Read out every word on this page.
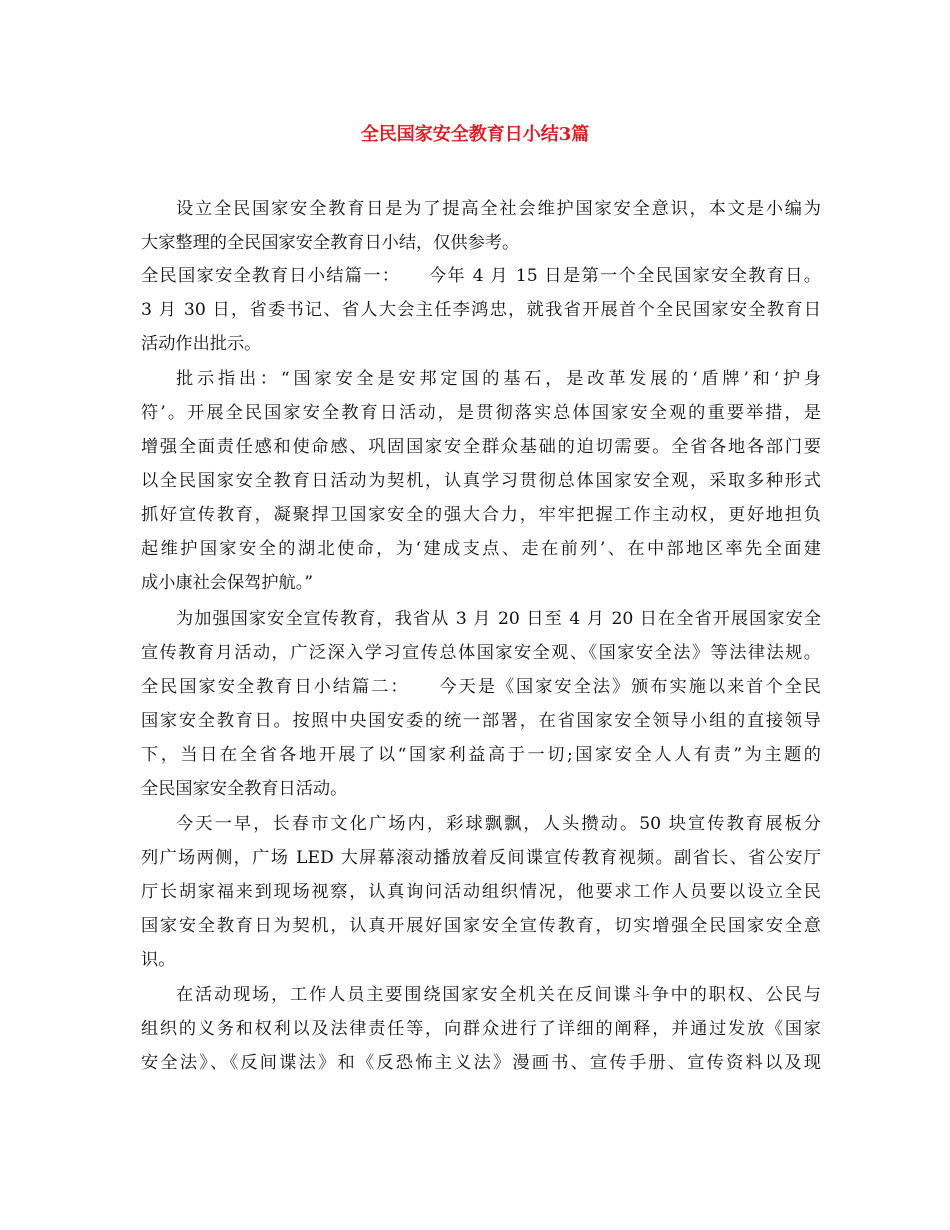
全民国家安全教育日小结3篇

设立全民国家安全教育日是为了提高全社会维护国家安全意识，本文是小编为

大家整理的全民国家安全教育日小结，仅供参考。

全民国家安全教育日小结篇一：　　今年 4 月 15 日是第一个全民国家安全教育日。

3 月 30 日，省委书记、省人大会主任李鸿忠，就我省开展首个全民国家安全教育日

活动作出批示。

批示指出：“国家安全是安邦定国的基石，是改革发展的‘盾牌’和‘护身

符’。开展全民国家安全教育日活动，是贯彻落实总体国家安全观的重要举措，是

增强全面责任感和使命感、巩固国家安全群众基础的迫切需要。全省各地各部门要

以全民国家安全教育日活动为契机，认真学习贯彻总体国家安全观，采取多种形式

抓好宣传教育，凝聚捍卫国家安全的强大合力，牢牢把握工作主动权，更好地担负

起维护国家安全的湖北使命，为‘建成支点、走在前列’、在中部地区率先全面建

成小康社会保驾护航。”

为加强国家安全宣传教育，我省从 3 月 20 日至 4 月 20 日在全省开展国家安全

宣传教育月活动，广泛深入学习宣传总体国家安全观、《国家安全法》等法律法规。

全民国家安全教育日小结篇二：　　今天是《国家安全法》颁布实施以来首个全民

国家安全教育日。按照中央国安委的统一部署，在省国家安全领导小组的直接领导

下，当日在全省各地开展了以“国家利益高于一切;国家安全人人有责”为主题的

全民国家安全教育日活动。

今天一早，长春市文化广场内，彩球飘飘，人头攒动。50 块宣传教育展板分

列广场两侧，广场 LED 大屏幕滚动播放着反间谍宣传教育视频。副省长、省公安厅

厅长胡家福来到现场视察，认真询问活动组织情况，他要求工作人员要以设立全民

国家安全教育日为契机，认真开展好国家安全宣传教育，切实增强全民国家安全意

识。

在活动现场，工作人员主要围绕国家安全机关在反间谍斗争中的职权、公民与

组织的义务和权利以及法律责任等，向群众进行了详细的阐释，并通过发放《国家

安全法》、《反间谍法》和《反恐怖主义法》漫画书、宣传手册、宣传资料以及现
